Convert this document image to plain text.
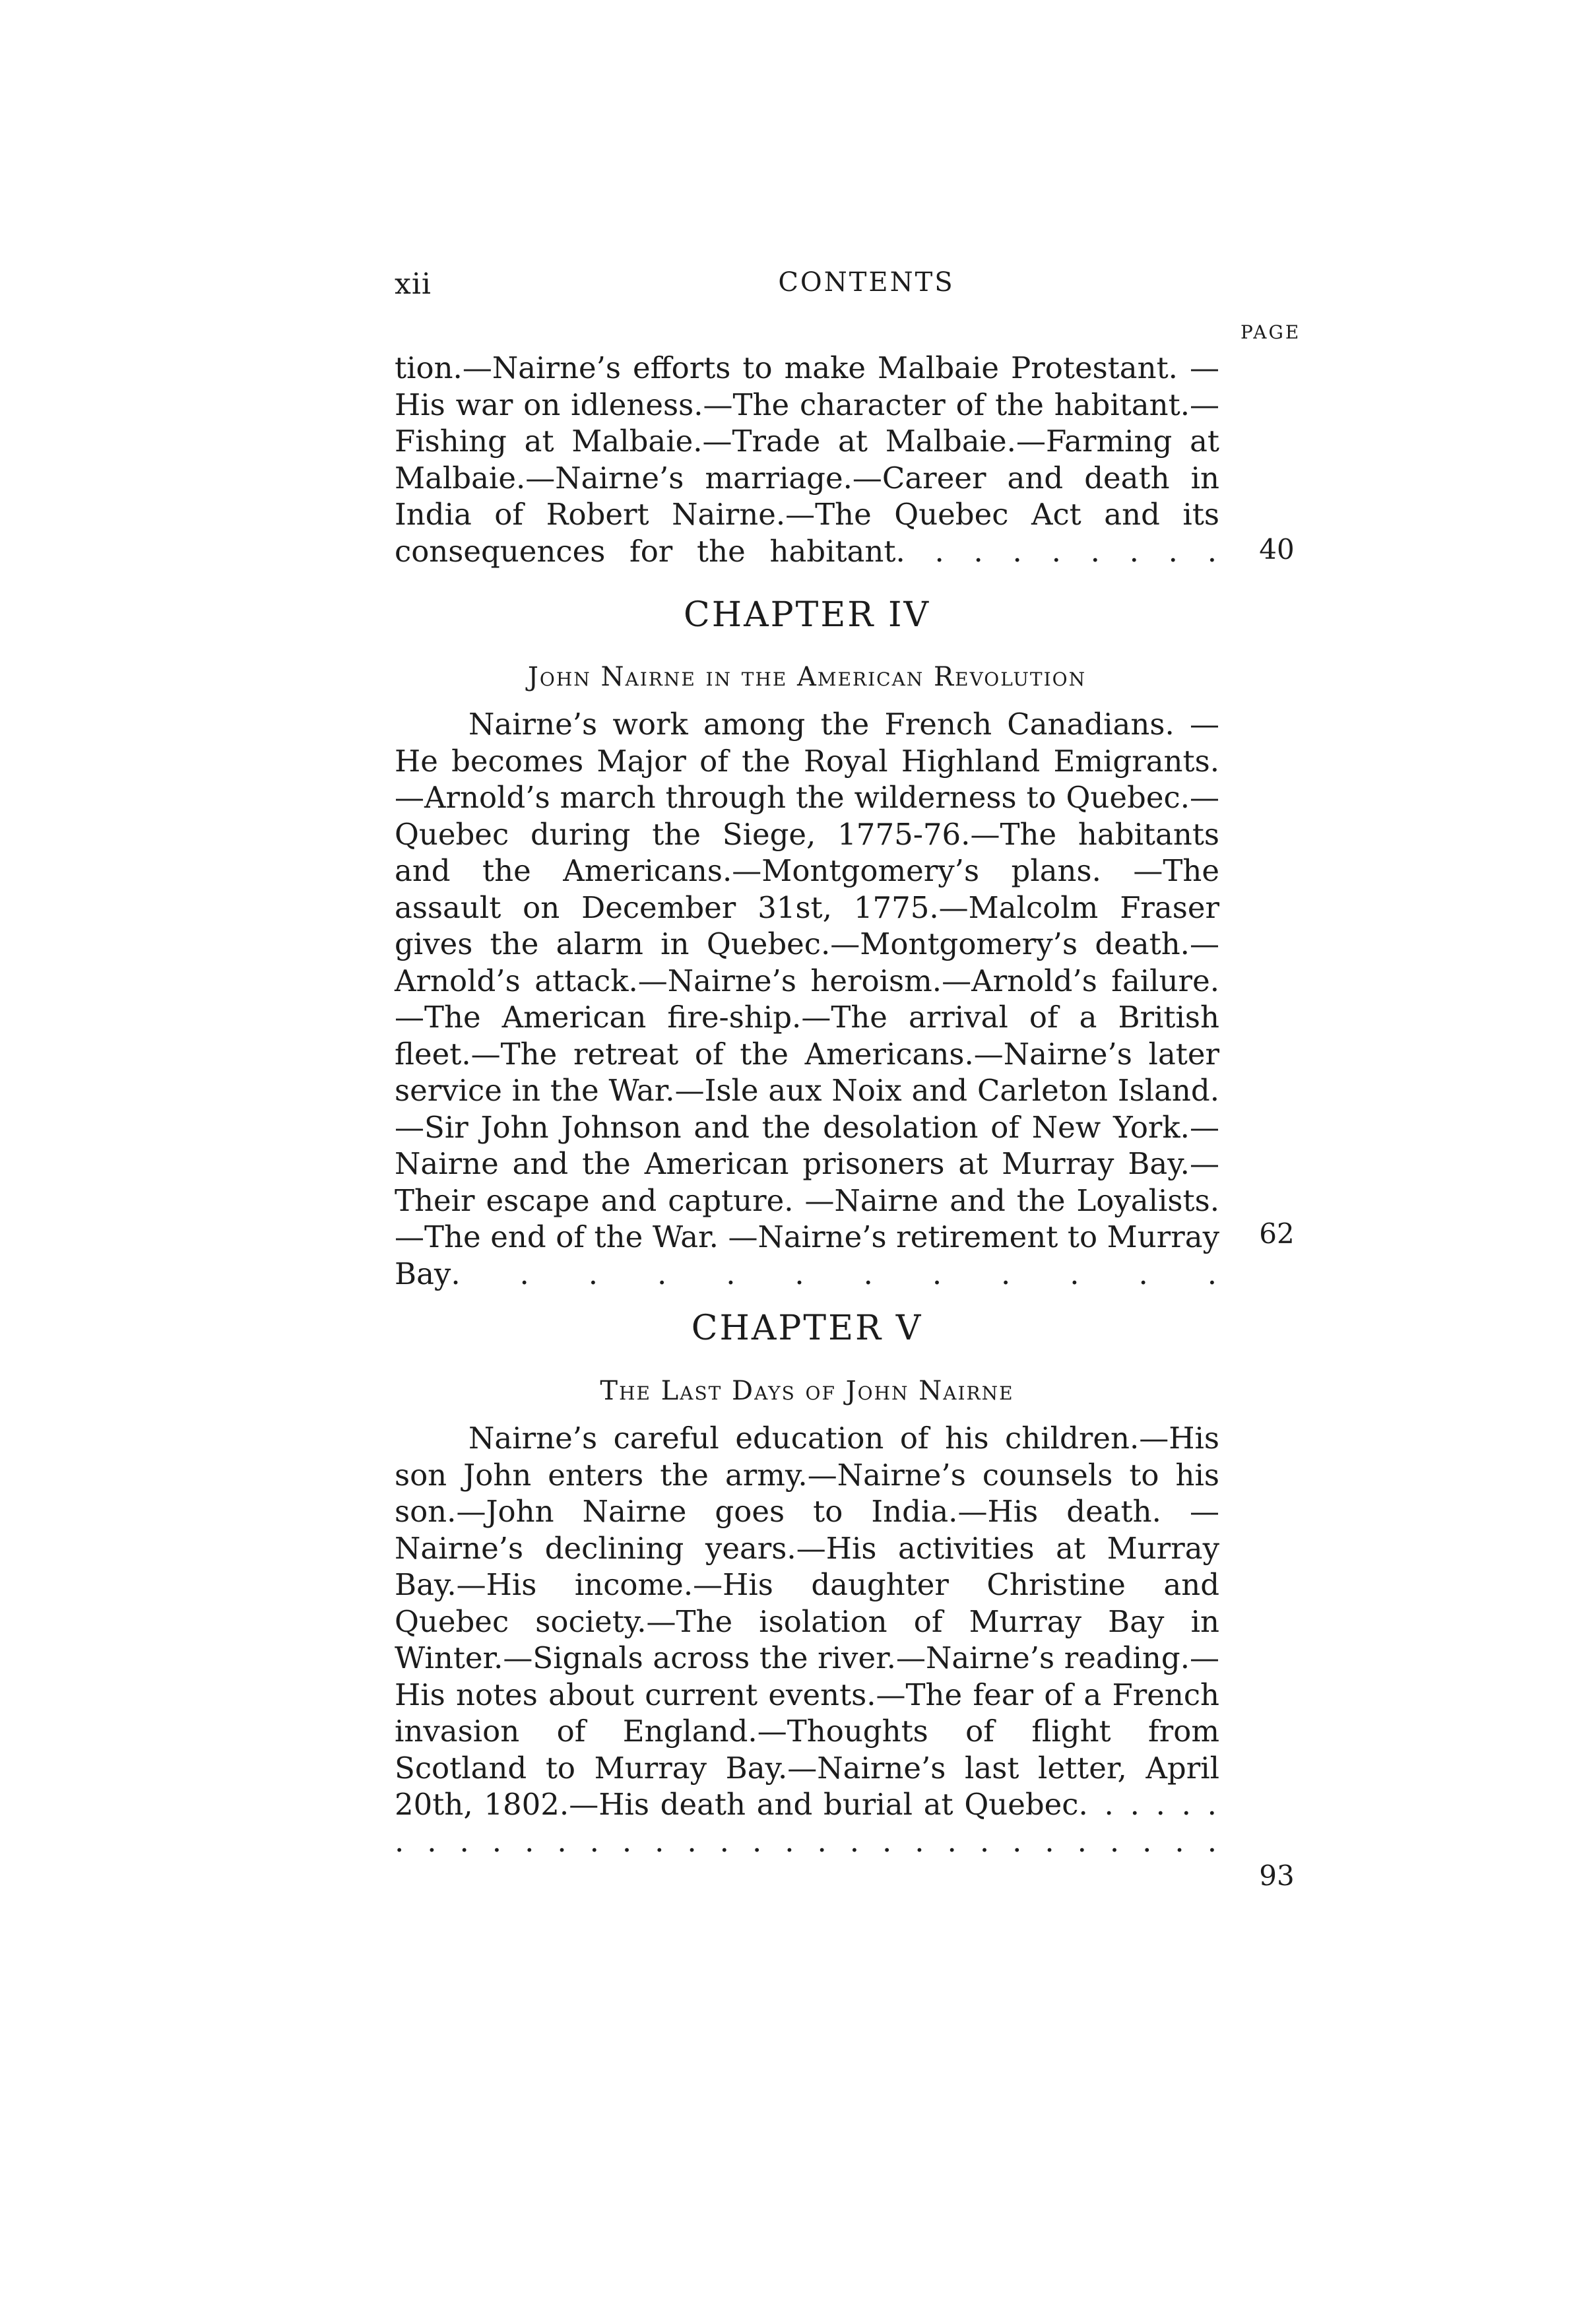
xii	CONTENTS
PAGE

tion.—Nairne’s efforts to make Malbaie Protestant. —His war on idleness.—The character of the habitant.—Fishing at Malbaie.—Trade at Malbaie.—Farming at Malbaie.—Nairne’s marriage.—Career and death in India of Robert Nairne.—The Quebec Act and its consequences for the habitant. . . . . . . . .	40
CHAPTER IV
John Nairne in the American Revolution

Nairne’s work among the French Canadians. —He becomes Major of the Royal Highland Emigrants.—Arnold’s march through the wilderness to Quebec.—Quebec during the Siege, 1775-76.—The habitants and the Americans.—Montgomery’s plans. —The assault on December 31st, 1775.—Malcolm Fraser gives the alarm in Quebec.—Montgomery’s death.—Arnold’s attack.—Nairne’s heroism.—Arnold’s failure.—The American fire-ship.—The arrival of a British fleet.—The retreat of the Americans.—Nairne’s later service in the War.—Isle aux Noix and Carleton Island.—Sir John Johnson and the desolation of New York.—Nairne and the American prisoners at Murray Bay.—Their escape and capture. —Nairne and the Loyalists.—The end of the War. —Nairne’s retirement to Murray Bay. . . . . . . . . . . .

62
CHAPTER V
The Last Days of John Nairne

Nairne’s careful education of his children.—His son John enters the army.—Nairne’s counsels to his son.—John Nairne goes to India.—His death. —Nairne’s declining years.—His activities at Murray Bay.—His income.—His daughter Christine and Quebec society.—The isolation of Murray Bay in Winter.—Signals across the river.—Nairne’s reading.—His notes about current events.—The fear of a French invasion of England.—Thoughts of flight from Scotland to Murray Bay.—Nairne’s last letter, April 20th, 1802.—His death and burial at Quebec. . . . . . . . . . . . . . . . . . . . . . . . . . . . . . . .

93
